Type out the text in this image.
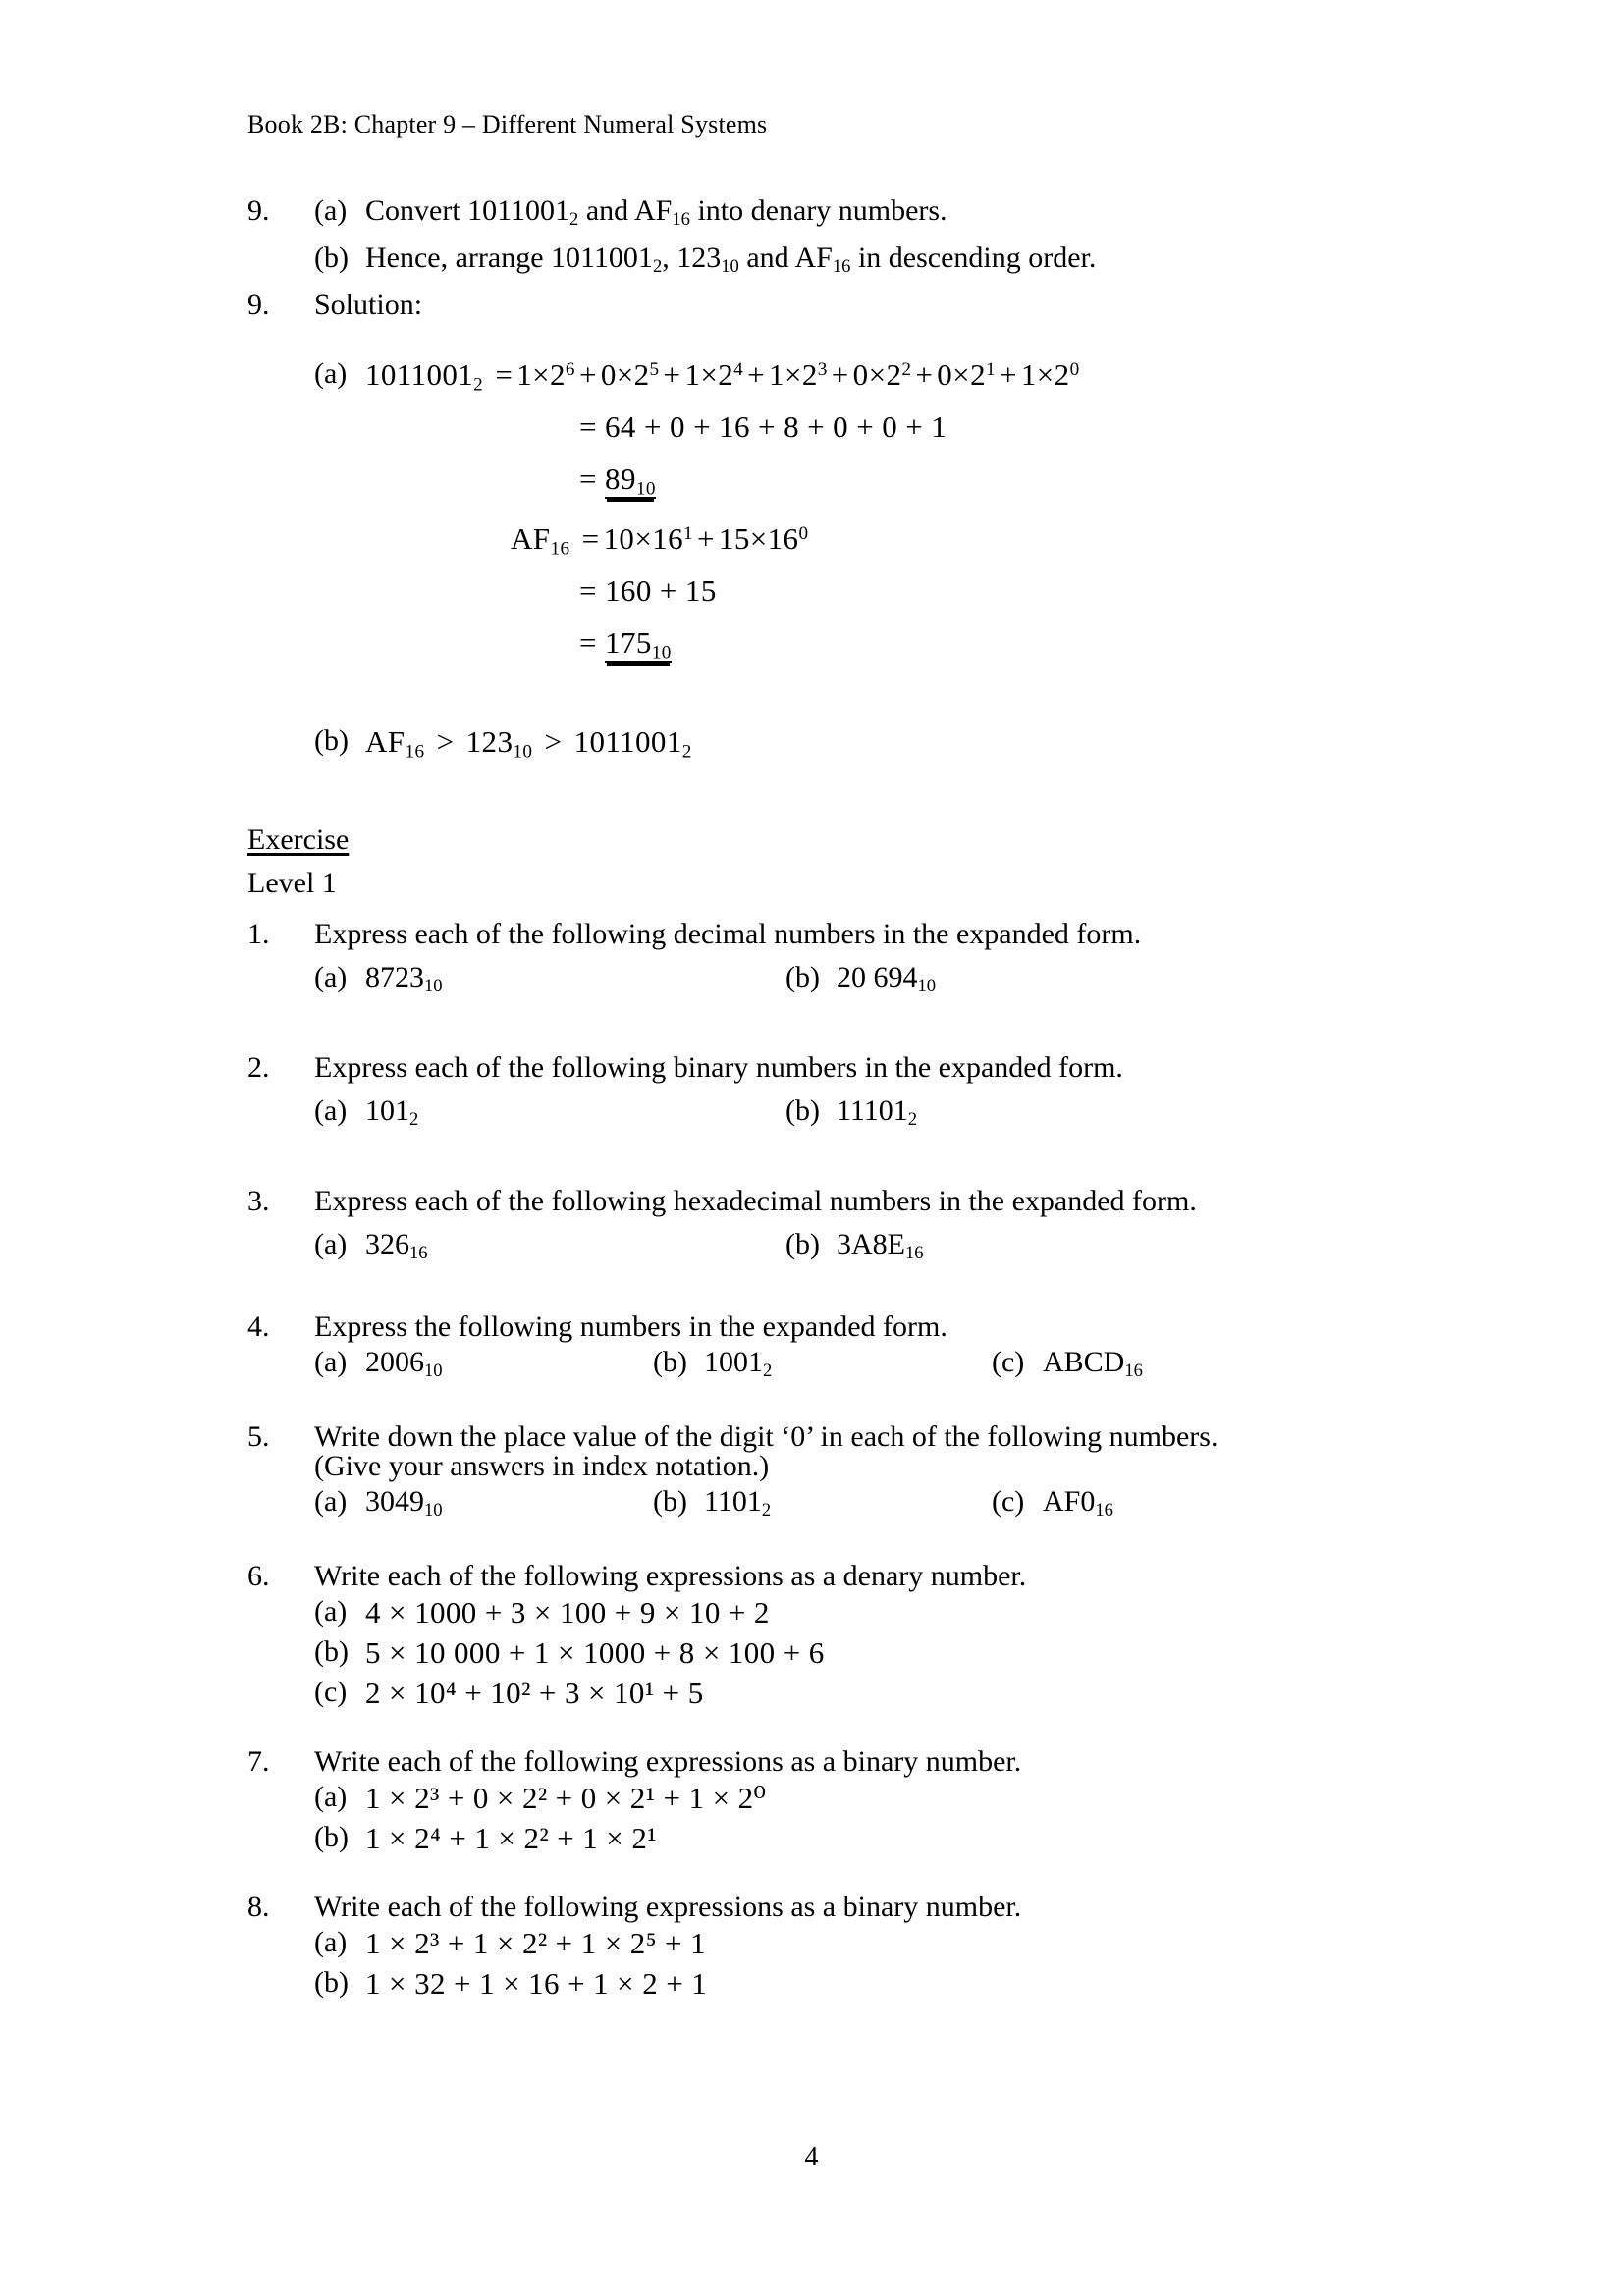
Book 2B: Chapter 9 – Different Numeral Systems
9.	(a) Convert $1011001_2$ and $AF_{16}$ into denary numbers.
(b) Hence, arrange $1011001_2$, $123_{10}$ and $AF_{16}$ in descending order.
9.	Solution:
(a) $1011001_2 = 1\times 2^6 + 0\times 2^5 + 1\times 2^4 + 1\times 2^3 + 0\times 2^2 + 0\times 2^1 + 1\times 2^0$
= 64 + 0 + 16 + 8 + 0 + 0 + 1
= $89_{10}$
$AF_{16} = 10\times 16^1 + 15\times 16^0$
= 160 + 15
= $175_{10}$
(b) $AF_{16} > 123_{10} > 1011001_2$
Exercise
Level 1
1.	Express each of the following decimal numbers in the expanded form.
(a) $8723_{10}$	(b) 20 $694_{10}$
2.	Express each of the following binary numbers in the expanded form.
(a) $101_2$	(b) $11101_2$
3.	Express each of the following hexadecimal numbers in the expanded form.
(a) $326_{16}$	(b) $3A8E_{16}$
4.	Express the following numbers in the expanded form.
(a) $2006_{10}$	(b) $1001_2$	(c) $ABCD_{16}$
5.	Write down the place value of the digit ‘0’ in each of the following numbers.
(Give your answers in index notation.)
(a) $3049_{10}$	(b) $1101_2$	(c) $AF0_{16}$
6.	Write each of the following expressions as a denary number.
(a) 4 × 1000 + 3 × 100 + 9 × 10 + 2
(b) 5 × 10 000 + 1 × 1000 + 8 × 100 + 6
(c) 2 × 10⁴ + 10² + 3 × 10¹ + 5
7.	Write each of the following expressions as a binary number.
(a) 1 × 2³ + 0 × 2² + 0 × 2¹ + 1 × 2⁰
(b) 1 × 2⁴ + 1 × 2² + 1 × 2¹
8.	Write each of the following expressions as a binary number.
(a) 1 × 2³ + 1 × 2² + 1 × 2⁵ + 1
(b) 1 × 32 + 1 × 16 + 1 × 2 + 1
4
